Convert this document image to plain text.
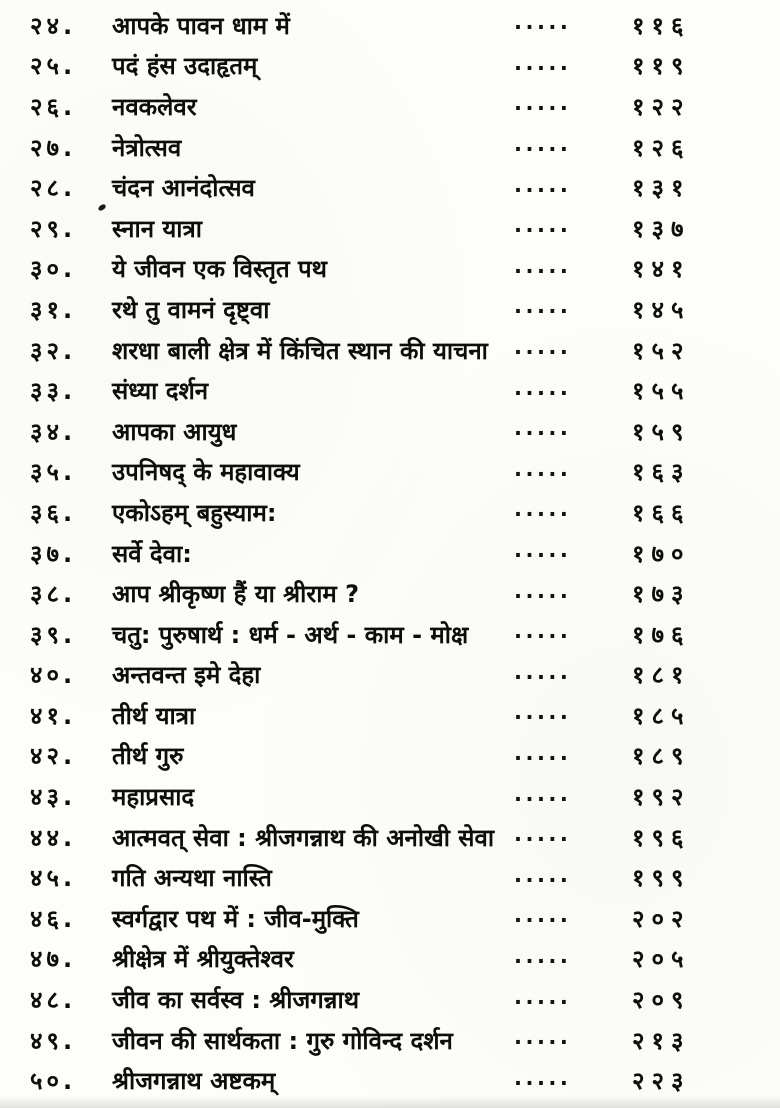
२४.	आपके पावन धाम में	.....	११६
२५.	पदं हंस उदाहृतम्	.....	११९
२६.	नवकलेवर	.....	१२२
२७.	नेत्रोत्सव	.....	१२६
२८.	चंदन आनंदोत्सव	.....	१३१
२९.	स्नान यात्रा	.....	१३७
३०.	ये जीवन एक विस्तृत पथ	.....	१४१
३१.	रथे तु वामनं दृष्ट्वा	.....	१४५
३२.	शरधा बाली क्षेत्र में किंचित स्थान की याचना	.....	१५२
३३.	संध्या दर्शन	.....	१५५
३४.	आपका आयुध	.....	१५९
३५.	उपनिषद् के महावाक्य	.....	१६३
३६.	एकोऽहम् बहुस्याम:	.....	१६६
३७.	सर्वे देवा:	.....	१७०
३८.	आप श्रीकृष्ण हैं या श्रीराम ?	.....	१७३
३९.	चतु: पुरुषार्थ : धर्म - अर्थ - काम - मोक्ष	.....	१७६
४०.	अन्तवन्त इमे देहा	.....	१८१
४१.	तीर्थ यात्रा	.....	१८५
४२.	तीर्थ गुरु	.....	१८९
४३.	महाप्रसाद	.....	१९२
४४.	आत्मवत् सेवा : श्रीजगन्नाथ की अनोखी सेवा .....	१९६
४५.	गति अन्यथा नास्ति	.....	१९९
४६.	स्वर्गद्वार पथ में : जीव-मुक्ति	.....	२०२
४७.	श्रीक्षेत्र में श्रीयुक्तेश्वर	.....	२०५
४८.	जीव का सर्वस्व : श्रीजगन्नाथ	.....	२०९
४९.	जीवन की सार्थकता : गुरु गोविन्द दर्शन	.....	२१३
५०.	श्रीजगन्नाथ अष्टकम्	.....	२२३
